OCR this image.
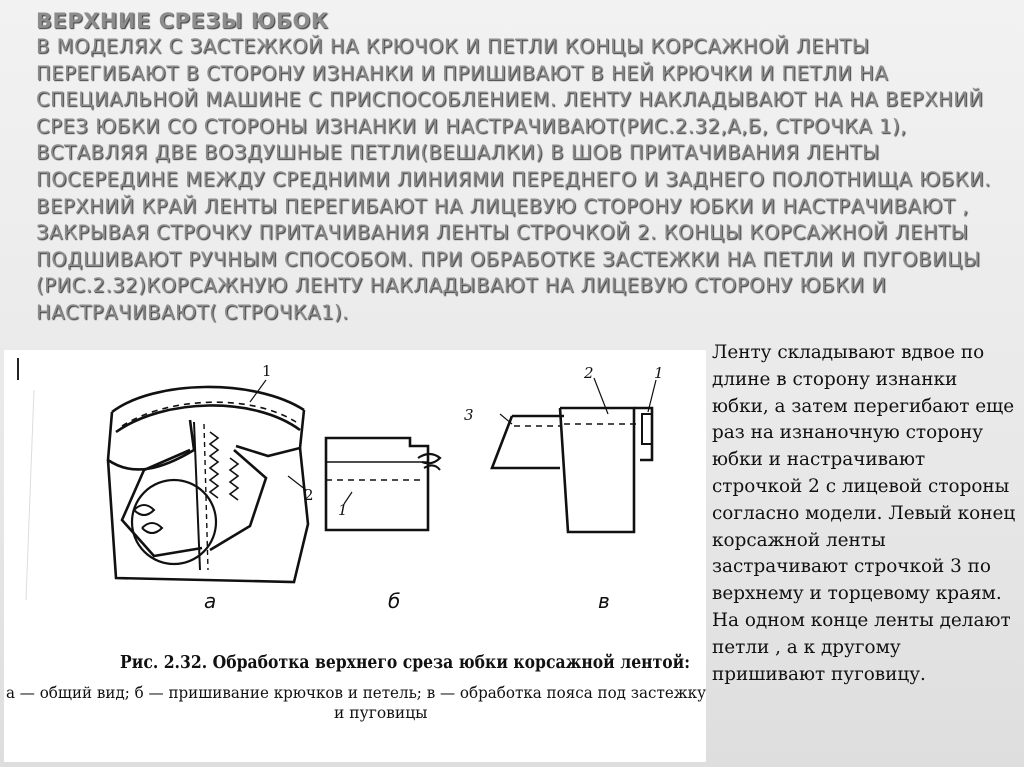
ВЕРХНИЕ СРЕЗЫ ЮБОК

В МОДЕЛЯХ С ЗАСТЕЖКОЙ НА КРЮЧОК И ПЕТЛИ КОНЦЫ КОРСАЖНОЙ ЛЕНТЫ ПЕРЕГИБАЮТ В СТОРОНУ ИЗНАНКИ И ПРИШИВАЮТ В НЕЙ КРЮЧКИ И ПЕТЛИ НА СПЕЦИАЛЬНОЙ МАШИНЕ С ПРИСПОСОБЛЕНИЕМ. ЛЕНТУ НАКЛАДЫВАЮТ НА НА ВЕРХНИЙ СРЕЗ ЮБКИ СО СТОРОНЫ ИЗНАНКИ И НАСТРАЧИВАЮТ(РИС.2.32,А,Б, СТРОЧКА 1), ВСТАВЛЯЯ ДВЕ ВОЗДУШНЫЕ ПЕТЛИ(ВЕШАЛКИ) В ШОВ ПРИТАЧИВАНИЯ ЛЕНТЫ ПОСЕРЕДИНЕ МЕЖДУ СРЕДНИМИ ЛИНИЯМИ ПЕРЕДНЕГО И ЗАДНЕГО ПОЛОТНИЩА ЮБКИ. ВЕРХНИЙ КРАЙ ЛЕНТЫ ПЕРЕГИБАЮТ НА ЛИЦЕВУЮ СТОРОНУ ЮБКИ И НАСТРАЧИВАЮТ , ЗАКРЫВАЯ СТРОЧКУ ПРИТАЧИВАНИЯ ЛЕНТЫ СТРОЧКОЙ 2. КОНЦЫ КОРСАЖНОЙ ЛЕНТЫ ПОДШИВАЮТ РУЧНЫМ СПОСОБОМ. ПРИ ОБРАБОТКЕ ЗАСТЕЖКИ НА ПЕТЛИ И ПУГОВИЦЫ (РИС.2.32)КОРСАЖНУЮ ЛЕНТУ НАКЛАДЫВАЮТ НА ЛИЦЕВУЮ СТОРОНУ ЮБКИ И НАСТРАЧИВАЮТ( СТРОЧКА1).

1
2
а
1
б
3
2	1
в
Рис. 2.32. Обработка верхнего среза юбки корсажной лентой:
а — общий вид; б — пришивание крючков и петель; в — обработка пояса под застежку
и пуговицы

Ленту складывают вдвое по длине в сторону изнанки юбки, а затем перегибают еще раз на изнаночную сторону юбки и настрачивают строчкой 2 с лицевой стороны согласно модели. Левый конец корсажной ленты застрачивают строчкой 3 по верхнему и торцевому краям. На одном конце ленты делают петли , а к другому пришивают пуговицу.
